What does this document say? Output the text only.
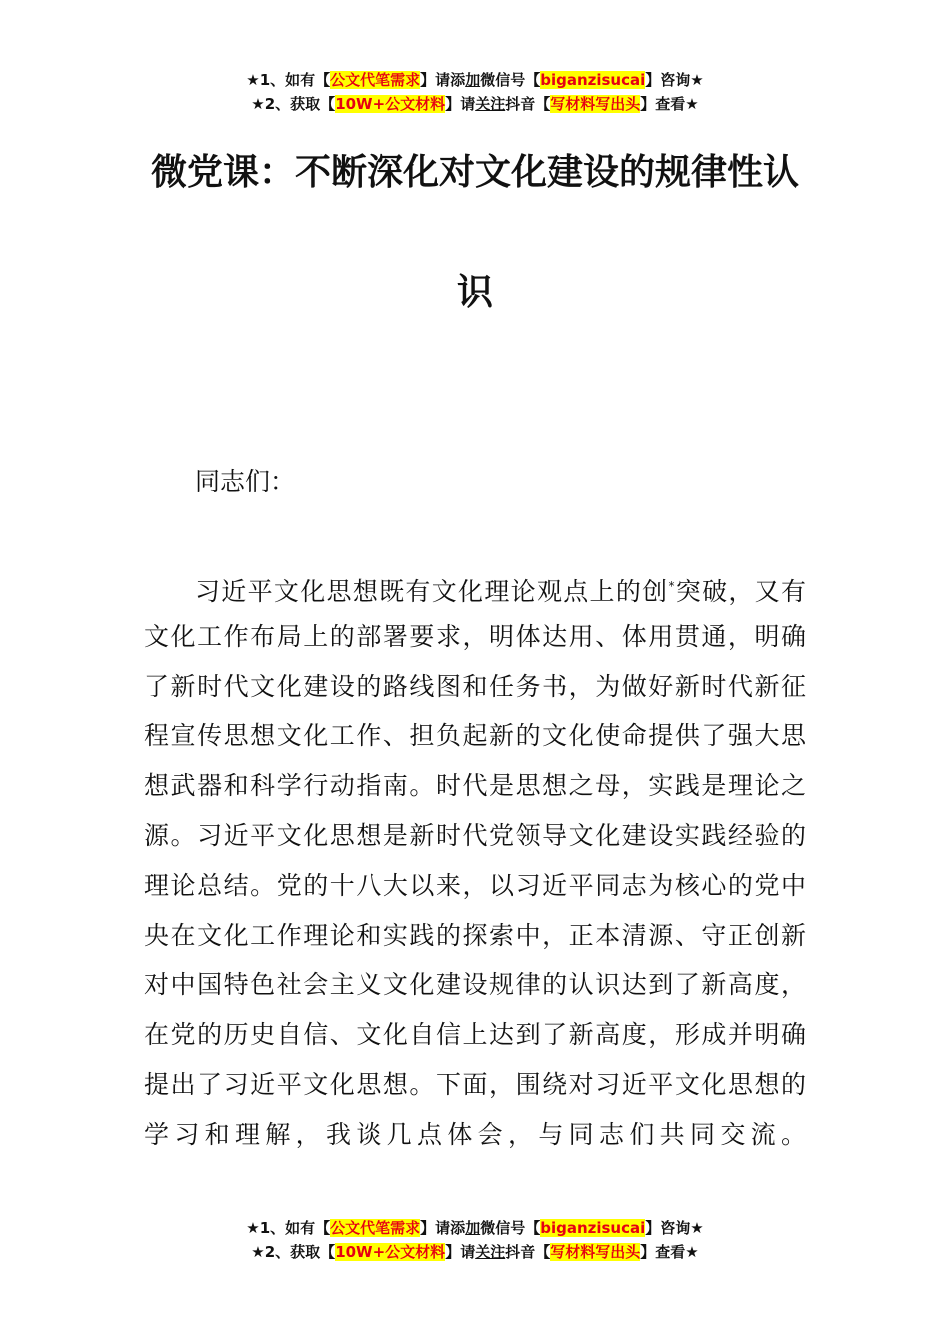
★1、如有【公文代笔需求】请添加微信号【biganzisucai】咨询★
★2、获取【10W+公文材料】请关注抖音【写材料写出头】查看★
微党课：不断深化对文化建设的规律性认
识
同志们：
习近平文化思想既有文化理论观点上的创*突破，又有
文化工作布局上的部署要求，明体达用、体用贯通，明确
了新时代文化建设的路线图和任务书，为做好新时代新征
程宣传思想文化工作、担负起新的文化使命提供了强大思
想武器和科学行动指南。时代是思想之母，实践是理论之
源。习近平文化思想是新时代党领导文化建设实践经验的
理论总结。党的十八大以来，以习近平同志为核心的党中
央在文化工作理论和实践的探索中，正本清源、守正创新
对中国特色社会主义文化建设规律的认识达到了新高度，
在党的历史自信、文化自信上达到了新高度，形成并明确
提出了习近平文化思想。下面，围绕对习近平文化思想的
学习和理解，我谈几点体会，与同志们共同交流。
★1、如有【公文代笔需求】请添加微信号【biganzisucai】咨询★
★2、获取【10W+公文材料】请关注抖音【写材料写出头】查看★
